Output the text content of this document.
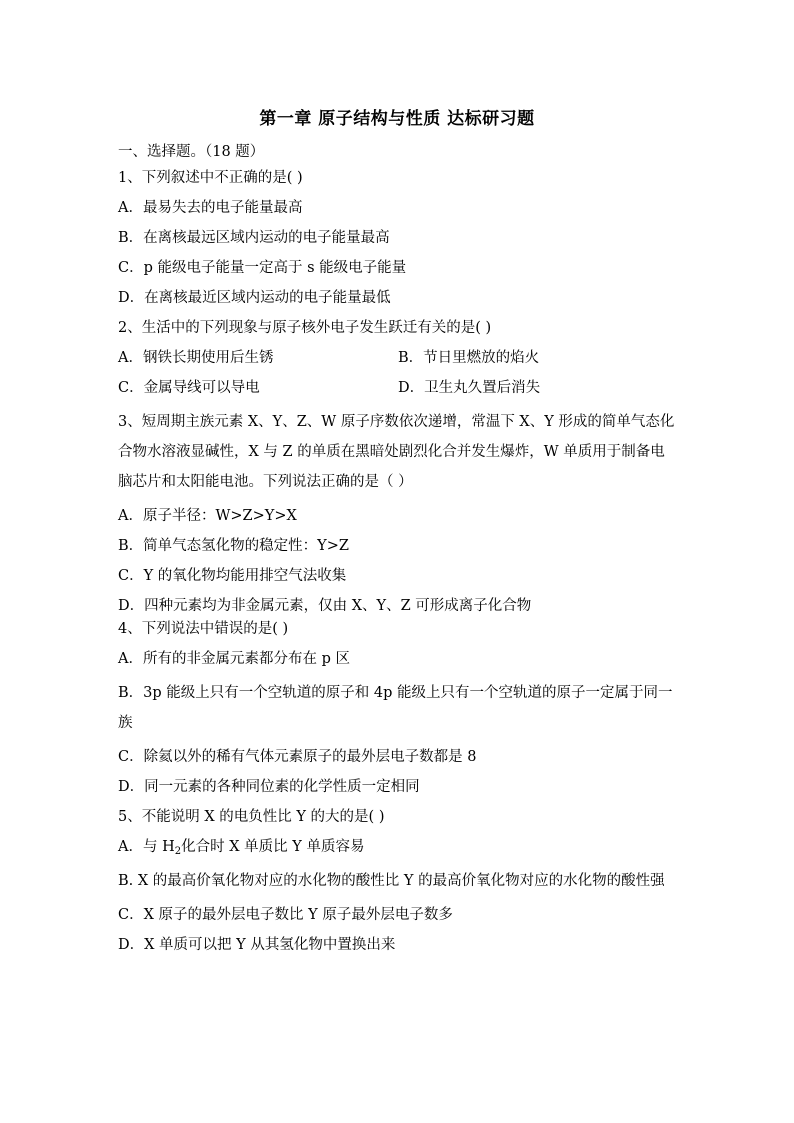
第一章 原子结构与性质 达标研习题

一、选择题。（18 题）

1、下列叙述中不正确的是( )

A．最易失去的电子能量最高

B．在离核最远区域内运动的电子能量最高

C．p 能级电子能量一定高于 s 能级电子能量

D．在离核最近区域内运动的电子能量最低

2、生活中的下列现象与原子核外电子发生跃迁有关的是( )

A．钢铁长期使用后生锈	B．节日里燃放的焰火
C．金属导线可以导电	D．卫生丸久置后消失

3、短周期主族元素 X、Y、Z、W 原子序数依次递增，常温下 X、Y 形成的简单气态化合物水溶液显碱性，X 与 Z 的单质在黑暗处剧烈化合并发生爆炸，W 单质用于制备电脑芯片和太阳能电池。下列说法正确的是（ ）

A．原子半径：W>Z>Y>X

B．简单气态氢化物的稳定性：Y>Z

C．Y 的氧化物均能用排空气法收集

D．四种元素均为非金属元素，仅由 X、Y、Z 可形成离子化合物

4、下列说法中错误的是( )

A．所有的非金属元素都分布在 p 区

B．3p 能级上只有一个空轨道的原子和 4p 能级上只有一个空轨道的原子一定属于同一族

C．除氦以外的稀有气体元素原子的最外层电子数都是 8

D．同一元素的各种同位素的化学性质一定相同

5、不能说明 X 的电负性比 Y 的大的是( )

A．与 $H_2$化合时 X 单质比 Y 单质容易

B. X 的最高价氧化物对应的水化物的酸性比 Y 的最高价氧化物对应的水化物的酸性强

C．X 原子的最外层电子数比 Y 原子最外层电子数多

D．X 单质可以把 Y 从其氢化物中置换出来
